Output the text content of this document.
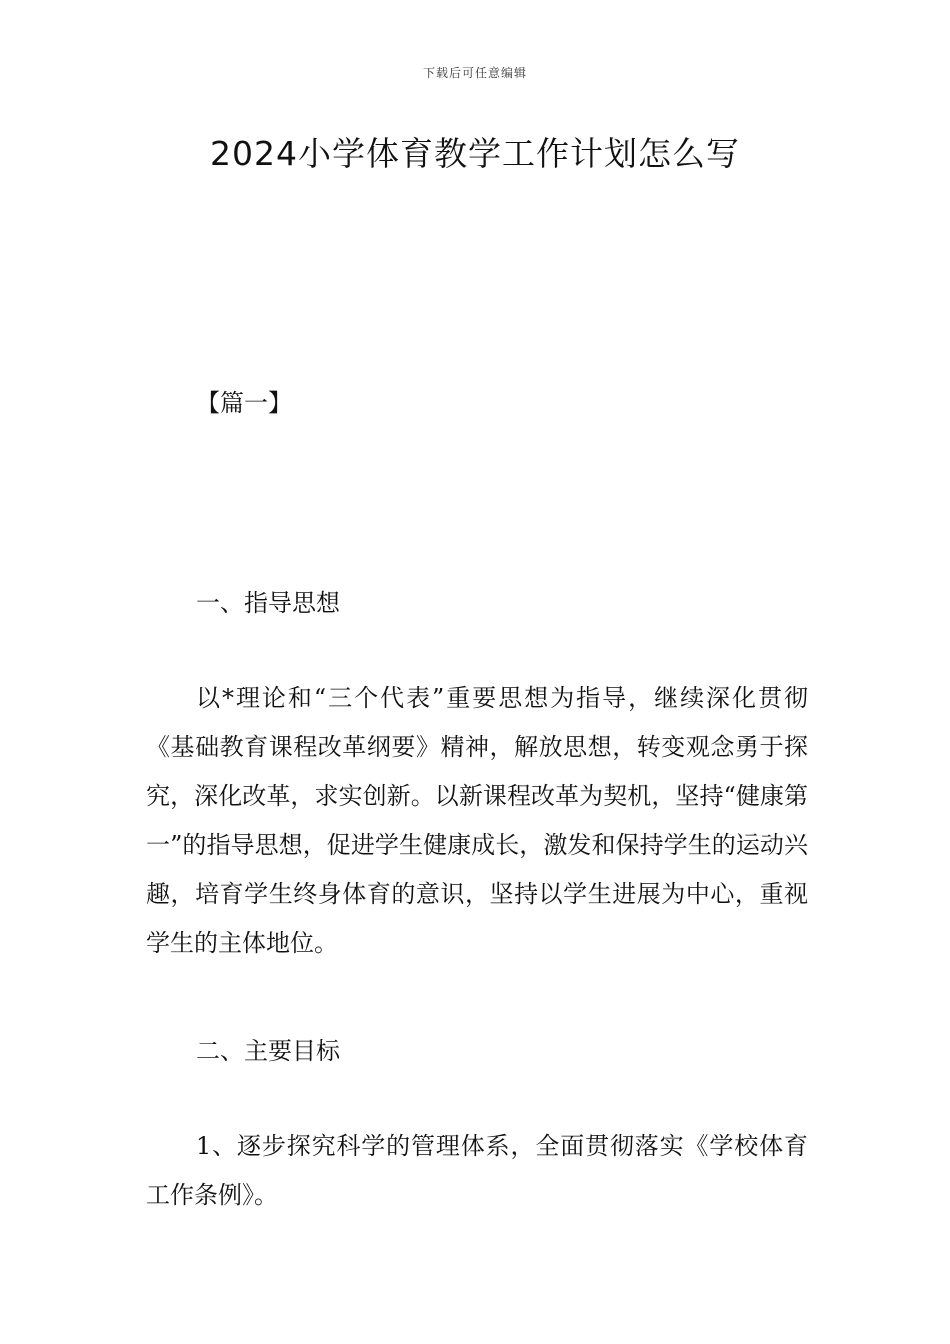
下载后可任意编辑
2024小学体育教学工作计划怎么写
【篇一】
一、指导思想

以*理论和“三个代表”重要思想为指导，继续深化贯彻《基础教育课程改革纲要》精神，解放思想，转变观念勇于探究，深化改革，求实创新。以新课程改革为契机，坚持“健康第一”的指导思想，促进学生健康成长，激发和保持学生的运动兴趣，培育学生终身体育的意识，坚持以学生进展为中心，重视学生的主体地位。

二、主要目标

1、逐步探究科学的管理体系，全面贯彻落实《学校体育工作条例》。
